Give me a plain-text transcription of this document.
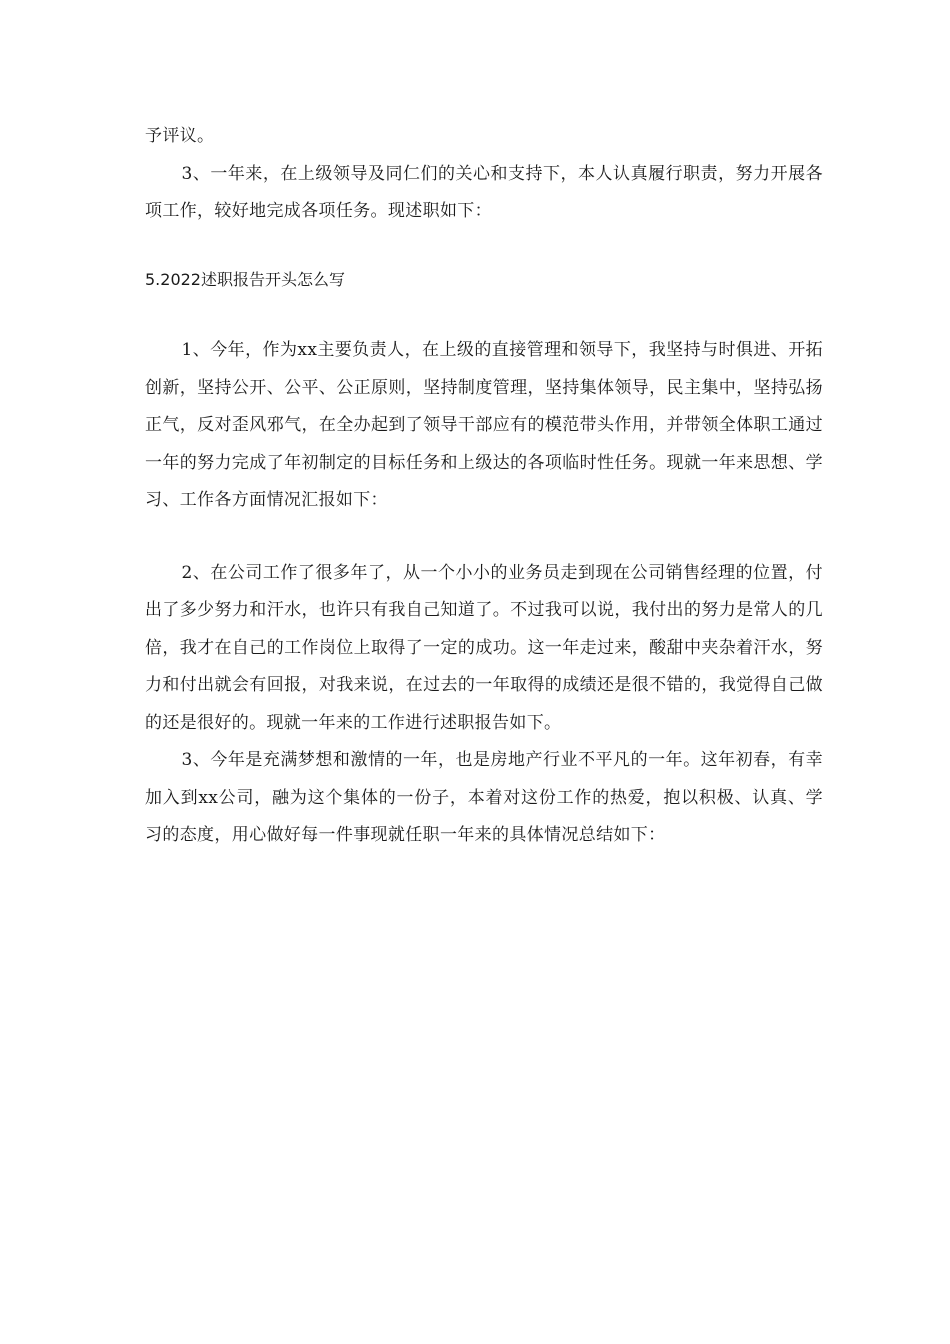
予评议。

3、一年来，在上级领导及同仁们的关心和支持下，本人认真履行职责，努力开展各项工作，较好地完成各项任务。现述职如下：

5.2022述职报告开头怎么写

1、今年，作为xx主要负责人，在上级的直接管理和领导下，我坚持与时俱进、开拓创新，坚持公开、公平、公正原则，坚持制度管理，坚持集体领导，民主集中，坚持弘扬正气，反对歪风邪气，在全办起到了领导干部应有的模范带头作用，并带领全体职工通过一年的努力完成了年初制定的目标任务和上级达的各项临时性任务。现就一年来思想、学习、工作各方面情况汇报如下：

2、在公司工作了很多年了，从一个小小的业务员走到现在公司销售经理的位置，付出了多少努力和汗水，也许只有我自己知道了。不过我可以说，我付出的努力是常人的几倍，我才在自己的工作岗位上取得了一定的成功。这一年走过来，酸甜中夹杂着汗水，努力和付出就会有回报，对我来说，在过去的一年取得的成绩还是很不错的，我觉得自己做的还是很好的。现就一年来的工作进行述职报告如下。

3、今年是充满梦想和激情的一年，也是房地产行业不平凡的一年。这年初春，有幸加入到xx公司，融为这个集体的一份子，本着对这份工作的热爱，抱以积极、认真、学习的态度，用心做好每一件事现就任职一年来的具体情况总结如下：
